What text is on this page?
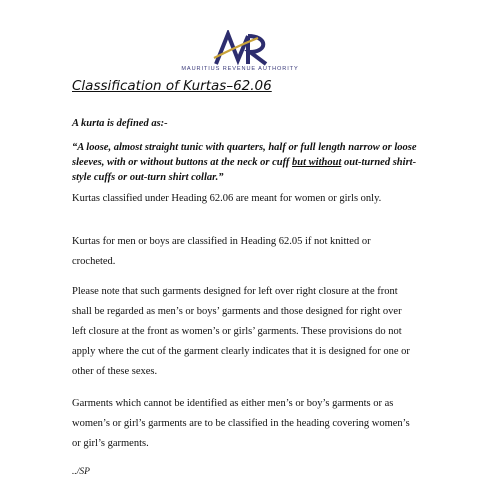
MAURITIUS REVENUE AUTHORITY
Classification of Kurtas–62.06
A kurta is defined as:-
“A loose, almost straight tunic with quarters, half or full length narrow or loose sleeves, with or without buttons at the neck or cuff but without out-turned shirt-style cuffs or out-turn shirt collar.”
Kurtas classified under Heading 62.06 are meant for women or girls only.
Kurtas for men or boys are classified in Heading 62.05 if not knitted or crocheted.
Please note that such garments designed for left over right closure at the front shall be regarded as men’s or boys’ garments and those designed for right over left closure at the front as women’s or girls’ garments. These provisions do not apply where the cut of the garment clearly indicates that it is designed for one or other of these sexes.
Garments which cannot be identified as either men’s or boy’s garments or as women’s or girl’s garments are to be classified in the heading covering women’s or girl’s garments.
../SP
